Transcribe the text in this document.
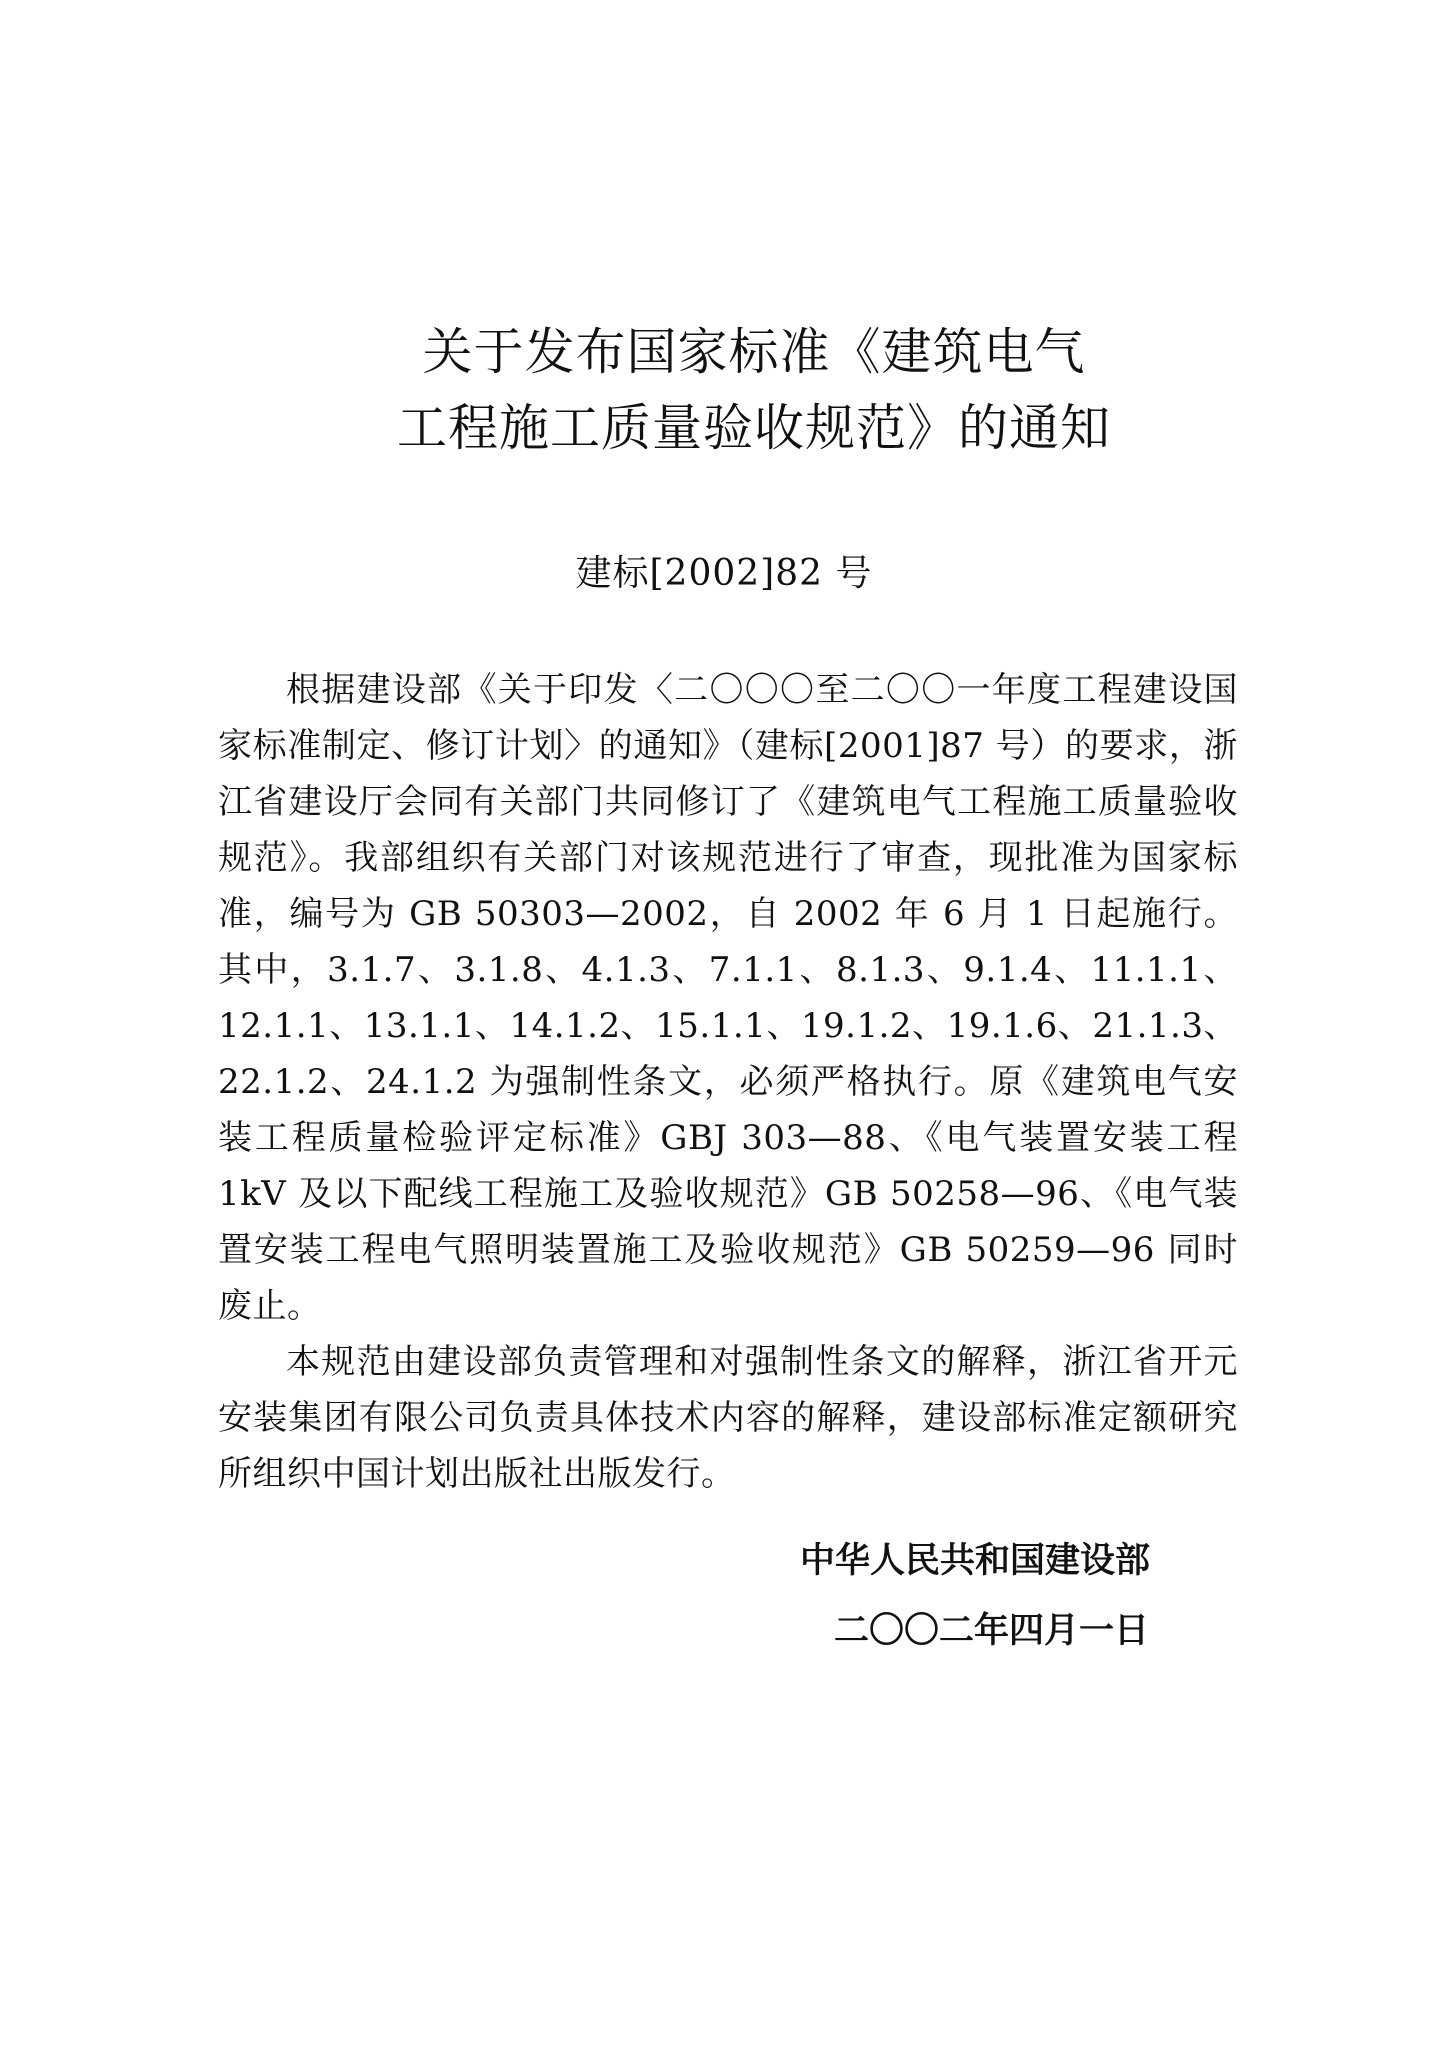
关于发布国家标准《建筑电气
工程施工质量验收规范》的通知
建标[2002]82 号

根据建设部《关于印发〈二〇〇〇至二〇〇一年度工程建设国家标准制定、修订计划〉的通知》（建标[2001]87 号）的要求，浙江省建设厅会同有关部门共同修订了《建筑电气工程施工质量验收规范》。我部组织有关部门对该规范进行了审查，现批准为国家标准，编号为 GB 50303—2002，自 2002 年 6 月 1 日起施行。其中，3.1.7、3.1.8、4.1.3、7.1.1、8.1.3、9.1.4、11.1.1、12.1.1、13.1.1、14.1.2、15.1.1、19.1.2、19.1.6、21.1.3、22.1.2、24.1.2 为强制性条文，必须严格执行。原《建筑电气安装工程质量检验评定标准》GBJ 303—88、《电气装置安装工程 1kV 及以下配线工程施工及验收规范》GB 50258—96、《电气装置安装工程电气照明装置施工及验收规范》GB 50259—96 同时废止。

本规范由建设部负责管理和对强制性条文的解释，浙江省开元安装集团有限公司负责具体技术内容的解释，建设部标准定额研究所组织中国计划出版社出版发行。

中华人民共和国建设部
二〇〇二年四月一日
